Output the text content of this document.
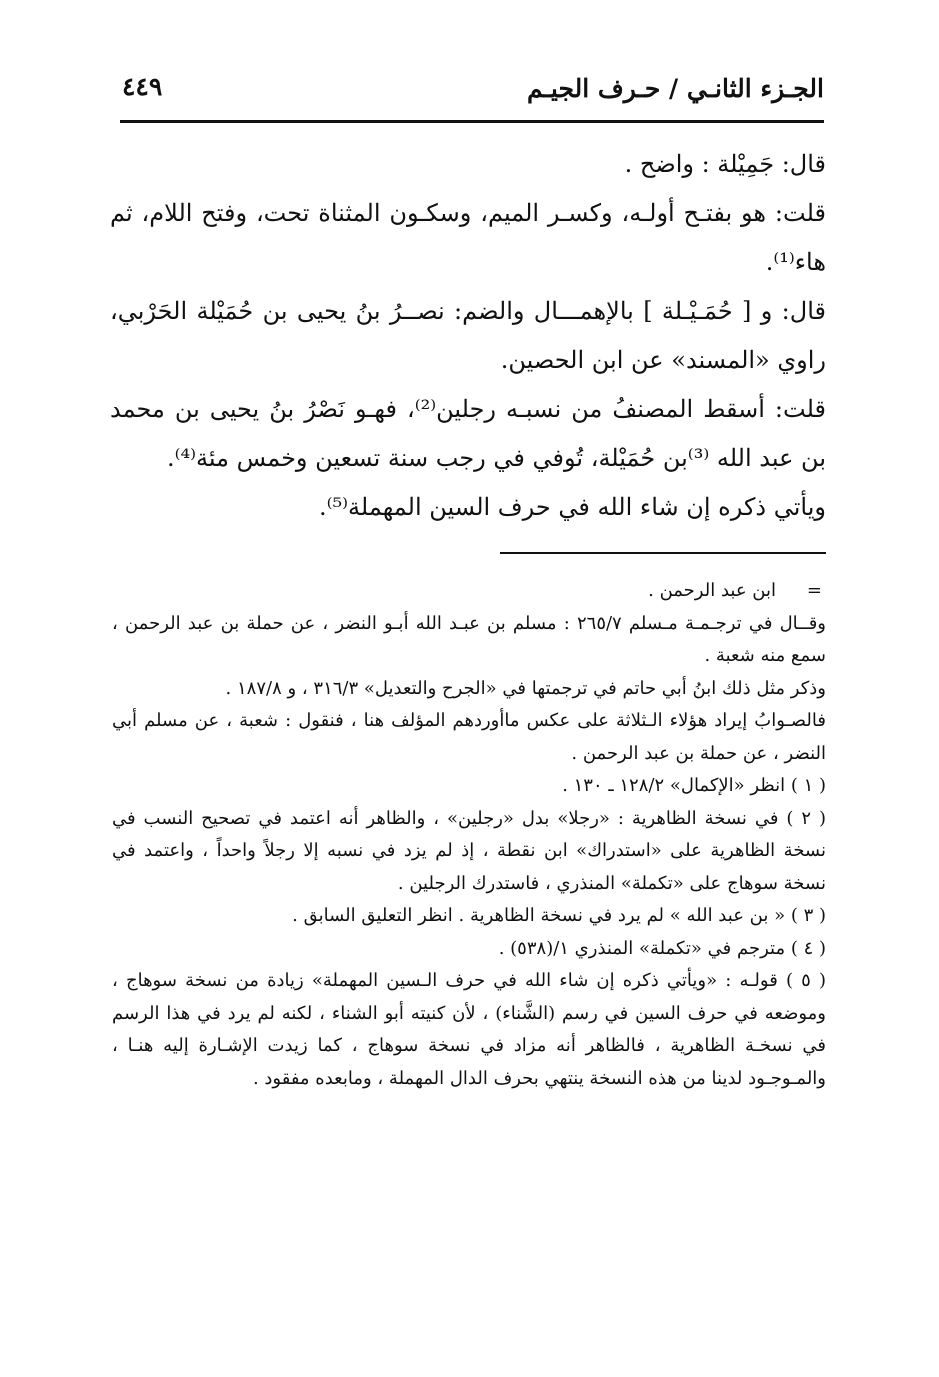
الجـزء الثانـي / حـرف الجيـم
٤٤٩

قال: جَمِيْلة : واضح .

قلت: هو بفتـح أولـه، وكسـر الميم، وسكـون المثناة تحت، وفتح اللام، ثم هاء⁽¹⁾.

قال: و [ حُمَـيْـلة ] بالإهمـــال والضم: نصــرُ بنُ يحيى بن حُمَيْلة الحَرْبي، راوي «المسند» عن ابن الحصين.

قلت: أسقط المصنفُ من نسبـه رجلين⁽²⁾، فهـو نَصْرُ بنُ يحيى بن محمد بن عبد الله ⁽³⁾بن حُمَيْلة، تُوفي في رجب سنة تسعين وخمس مئة⁽⁴⁾.

ويأتي ذكره إن شاء الله في حرف السين المهملة⁽⁵⁾.

=
ابن عبد الرحمن .

وقــال في ترجـمـة مـسلم ٢٦٥/٧ : مسلم بن عبـد الله أبـو النضر ، عن حملة بن عبد الرحمن ، سمع منه شعبة .

وذكر مثل ذلك ابنُ أبي حاتم في ترجمتها في «الجرح والتعديل» ٣١٦/٣ ، و ١٨٧/٨ .

فالصـوابُ إيراد هؤلاء الـثلاثة على عكس ماأوردهم المؤلف هنا ، فنقول : شعبة ، عن مسلم أبي النضر ، عن حملة بن عبد الرحمن .

( ١ ) انظر «الإكمال» ١٢٨/٢ ـ ١٣٠ .

( ٢ ) في نسخة الظاهرية : «رجلا» بدل «رجلين» ، والظاهر أنه اعتمد في تصحيح النسب في نسخة الظاهرية على «استدراك» ابن نقطة ، إذ لم يزد في نسبه إلا رجلاً واحداً ، واعتمد في نسخة سوهاج على «تكملة» المنذري ، فاستدرك الرجلين .

( ٣ ) « بن عبد الله » لم يرد في نسخة الظاهرية . انظر التعليق السابق .

( ٤ ) مترجم في «تكملة» المنذري ١/(٥٣٨) .

( ٥ ) قولـه : «ويأتي ذكره إن شاء الله في حرف الـسين المهملة» زيادة من نسخة سوهاج ، وموضعه في حرف السين في رسم (الشَّناء) ، لأن كنيته أبو الشناء ، لكنه لم يرد في هذا الرسم في نسخـة الظاهرية ، فالظاهر أنه مزاد في نسخة سوهاج ، كما زيدت الإشـارة إليه هنـا ، والمـوجـود لدينا من هذه النسخة ينتهي بحرف الدال المهملة ، ومابعده مفقود .
